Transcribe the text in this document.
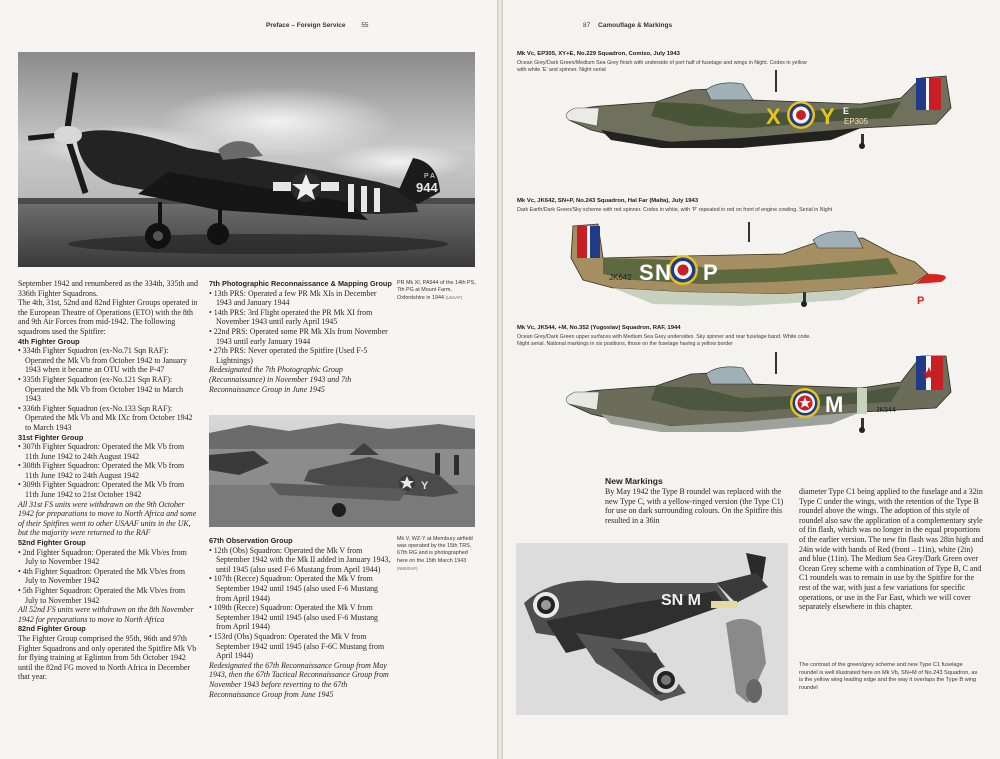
Preface – Foreign Service 55
P A
944

September 1942 and renumbered as the 334th, 335th and 336th Fighter Squadrons.

The 4th, 31st, 52nd and 82nd Fighter Groups operated in the European Theatre of Operations (ETO) with the 8th and 9th Air Forces from mid-1942. The following squadrons used the Spitfire:

4th Fighter Group

• 334th Fighter Squadron (ex-No.71 Sqn RAF): Operated the Mk Vb from October 1942 to January 1943 when it became an OTU with the P-47

• 335th Fighter Squadron (ex-No.121 Sqn RAF): Operated the Mk Vb from October 1942 to March 1943

• 336th Fighter Squadron (ex-No.133 Sqn RAF): Operated the Mk Vb and Mk IXc from October 1942 to March 1943

31st Fighter Group

• 307th Fighter Squadron: Operated the Mk Vb from 11th June 1942 to 24th August 1942

• 308th Fighter Squadron: Operated the Mk Vb from 11th June 1942 to 24th August 1942

• 309th Fighter Squadron: Operated the Mk Vb from 11th June 1942 to 21st October 1942

All 31st FS units were withdrawn on the 9th October 1942 for preparations to move to North Africa and some of their Spitfires went to other USAAF units in the UK, but the majority were returned to the RAF

52nd Fighter Group

• 2nd Fighter Squadron: Operated the Mk Vb/es from July to November 1942

• 4th Fighter Squadron: Operated the Mk Vb/es from July to November 1942

• 5th Fighter Squadron: Operated the Mk Vb/es from July to November 1942

All 52nd FS units were withdrawn on the 8th November 1942 for preparations to move to North Africa

82nd Fighter Group

The Fighter Group comprised the 95th, 96th and 97th Fighter Squadrons and only operated the Spitfire Mk Vb for flying training at Eglinton from 5th October 1942 until the 82nd FG moved to North Africa in December that year.

7th Photographic Reconnaissance & Mapping Group

• 13th PRS: Operated a few PR Mk XIs in December 1943 and January 1944

• 14th PRS: 3rd Flight operated the PR Mk XI from November 1943 until early April 1945

• 22nd PRS: Operated some PR Mk XIs from November 1943 until early January 1944

• 27th PRS: Never operated the Spitfire (Used F-5 Lightnings)

Redesignated the 7th Photographic Group (Reconnaissance) in November 1943 and 7th Reconnaissance Group in June 1945

PR Mk XI, PA944 of the 14th PS, 7th PG at Mount Farm, Oxfordshire in 1944 (USAAF)
Y

67th Observation Group

• 12th (Obs) Squadron: Operated the Mk V from September 1942 with the Mk II added in January 1943, until 1945 (also used F-6 Mustang from April 1944)

• 107th (Recce) Squadron: Operated the Mk V from September 1942 until 1945 (also used F-6 Mustang from April 1944)

• 109th (Recce) Squadron: Operated the Mk V from September 1942 until 1945 (also used F-6 Mustang from April 1944)

• 153rd (Obs) Squadron: Operated the Mk V from September 1942 until 1945 (also F-6C Mustang from April 1944)

Redesignated the 67th Reconnaissance Group from May 1943, then the 67th Tactical Reconnaissance Group from November 1943 before reverting to the 67th Reconnaissance Group from June 1945

Mk V, WZ-Y at Membury airfield was operated by the 15th TRS, 67th RG and is photographed here on the 15th March 1943 (NMUSAF)
87 Camouflage & Markings
Mk Vc, EP305, XY+E, No.229 Squadron, Comiso, July 1943
Ocean Grey/Dark Green/Medium Sea Grey finish with underside of port half of fuselage and wings in Night. Codes in yellow with white ‘E’ and spinner. Night serial
X Y E
EP305
Mk Vc, JK642, SN+P, No.243 Squadron, Hal Far (Malta), July 1943
Dark Earth/Dark Green/Sky scheme with red spinner. Codes in white, with ‘P’ repeated in red on front of engine cowling. Serial in Night
S N P
JK642
P
Mk Vc, JK544, +M, No.352 (Yugoslav) Squadron, RAF, 1944
Ocean Grey/Dark Green upper surfaces with Medium Sea Grey undersides. Sky spinner and rear fuselage band. White code. Night serial. National markings in six positions, those on the fuselage having a yellow border
M	JK544

New Markings

By May 1942 the Type B roundel was replaced with the new Type C, with a yellow-ringed version (the Type C1) for use on dark surrounding colours. On the Spitfire this resulted in a 36in

diameter Type C1 being applied to the fuselage and a 32in Type C under the wings, with the retention of the Type B roundel above the wings. The adoption of this style of roundel also saw the application of a complementary style of fin flash, which was no longer in the equal proportions of the earlier version. The new fin flash was 28in high and 24in wide with bands of Red (front – 11in), white (2in) and blue (11in). The Medium Sea Grey/Dark Green over Ocean Grey scheme with a combination of Type B, C and C1 roundels was to remain in use by the Spitfire for the rest of the war, with just a few variations for specific operations, or use in the Far East, which we will cover separately elsewhere in this chapter.

SN M
The contrast of the green/grey scheme and new Type C1 fuselage roundel is well illustrated here on Mk Vb, SN+M of No.243 Squadron, as is the yellow wing leading edge and the way it overlaps the Type B wing roundel
